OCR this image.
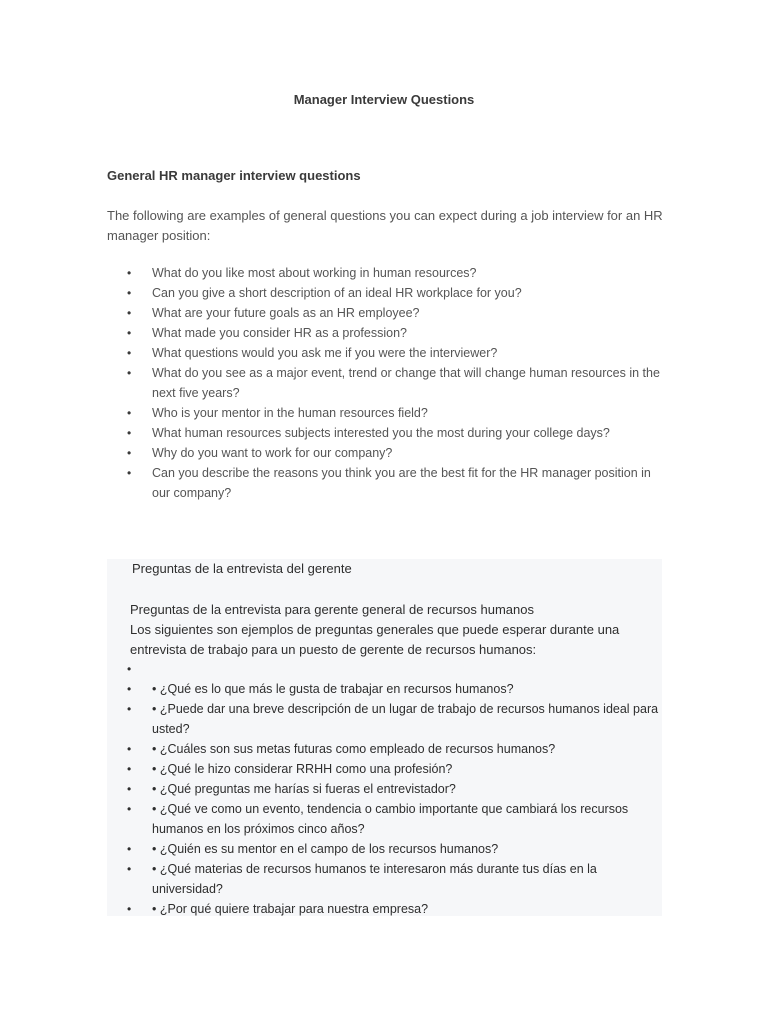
Manager Interview Questions
General HR manager interview questions

The following are examples of general questions you can expect during a job interview for an HR manager position:

• What do you like most about working in human resources?
• Can you give a short description of an ideal HR workplace for you?
• What are your future goals as an HR employee?
• What made you consider HR as a profession?
• What questions would you ask me if you were the interviewer?
• What do you see as a major event, trend or change that will change human resources in the next five years?
• Who is your mentor in the human resources field?
• What human resources subjects interested you the most during your college days?
• Why do you want to work for our company?
• Can you describe the reasons you think you are the best fit for the HR manager position in our company?
Preguntas de la entrevista del gerente

Preguntas de la entrevista para gerente general de recursos humanos
Los siguientes son ejemplos de preguntas generales que puede esperar durante una entrevista de trabajo para un puesto de gerente de recursos humanos:

•
• • ¿Qué es lo que más le gusta de trabajar en recursos humanos?
• • ¿Puede dar una breve descripción de un lugar de trabajo de recursos humanos ideal para usted?
• • ¿Cuáles son sus metas futuras como empleado de recursos humanos?
• • ¿Qué le hizo considerar RRHH como una profesión?
• • ¿Qué preguntas me harías si fueras el entrevistador?
• • ¿Qué ve como un evento, tendencia o cambio importante que cambiará los recursos humanos en los próximos cinco años?
• • ¿Quién es su mentor en el campo de los recursos humanos?
• • ¿Qué materias de recursos humanos te interesaron más durante tus días en la universidad?
• • ¿Por qué quiere trabajar para nuestra empresa?
